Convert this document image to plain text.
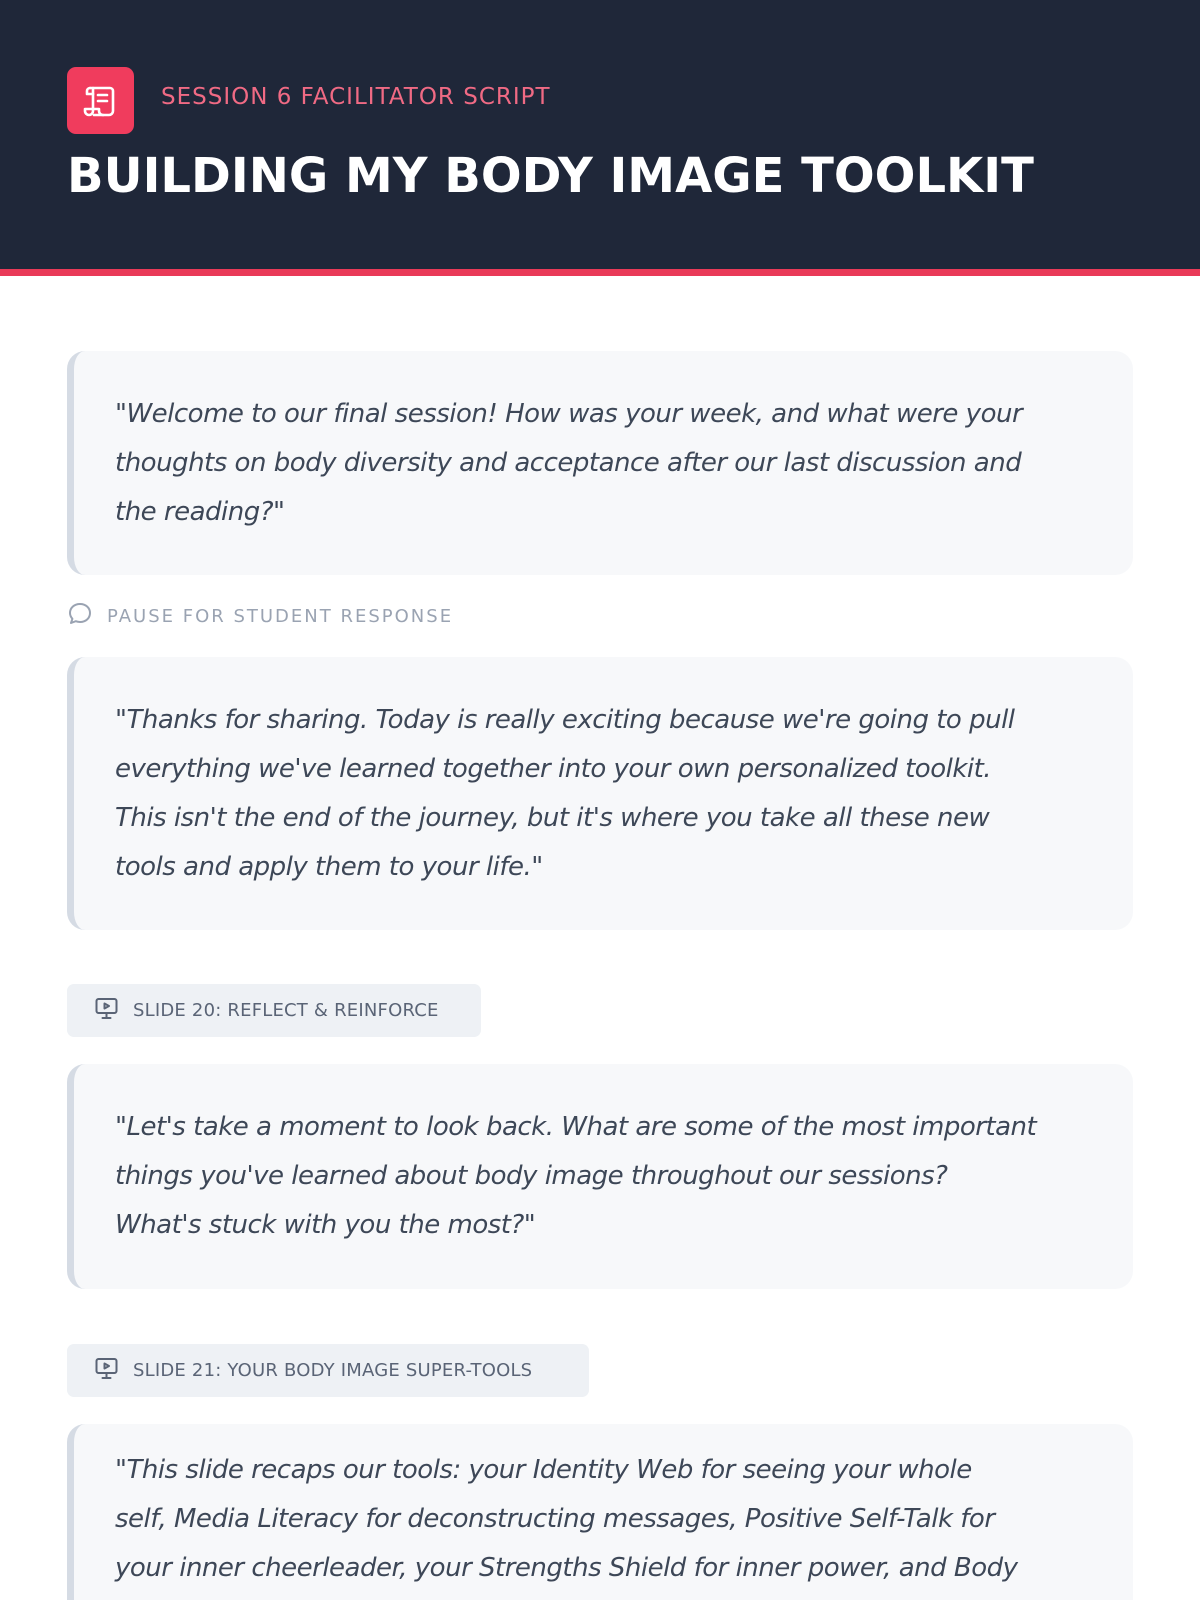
SESSION 6 FACILITATOR SCRIPT
BUILDING MY BODY IMAGE TOOLKIT

"Welcome to our final session! How was your week, and what were your
thoughts on body diversity and acceptance after our last discussion and
the reading?"

PAUSE FOR STUDENT RESPONSE

"Thanks for sharing. Today is really exciting because we're going to pull
everything we've learned together into your own personalized toolkit.
This isn't the end of the journey, but it's where you take all these new
tools and apply them to your life."

SLIDE 20: REFLECT & REINFORCE

"Let's take a moment to look back. What are some of the most important
things you've learned about body image throughout our sessions?
What's stuck with you the most?"

SLIDE 21: YOUR BODY IMAGE SUPER-TOOLS

"This slide recaps our tools: your Identity Web for seeing your whole
self, Media Literacy for deconstructing messages, Positive Self-Talk for
your inner cheerleader, your Strengths Shield for inner power, and Body
